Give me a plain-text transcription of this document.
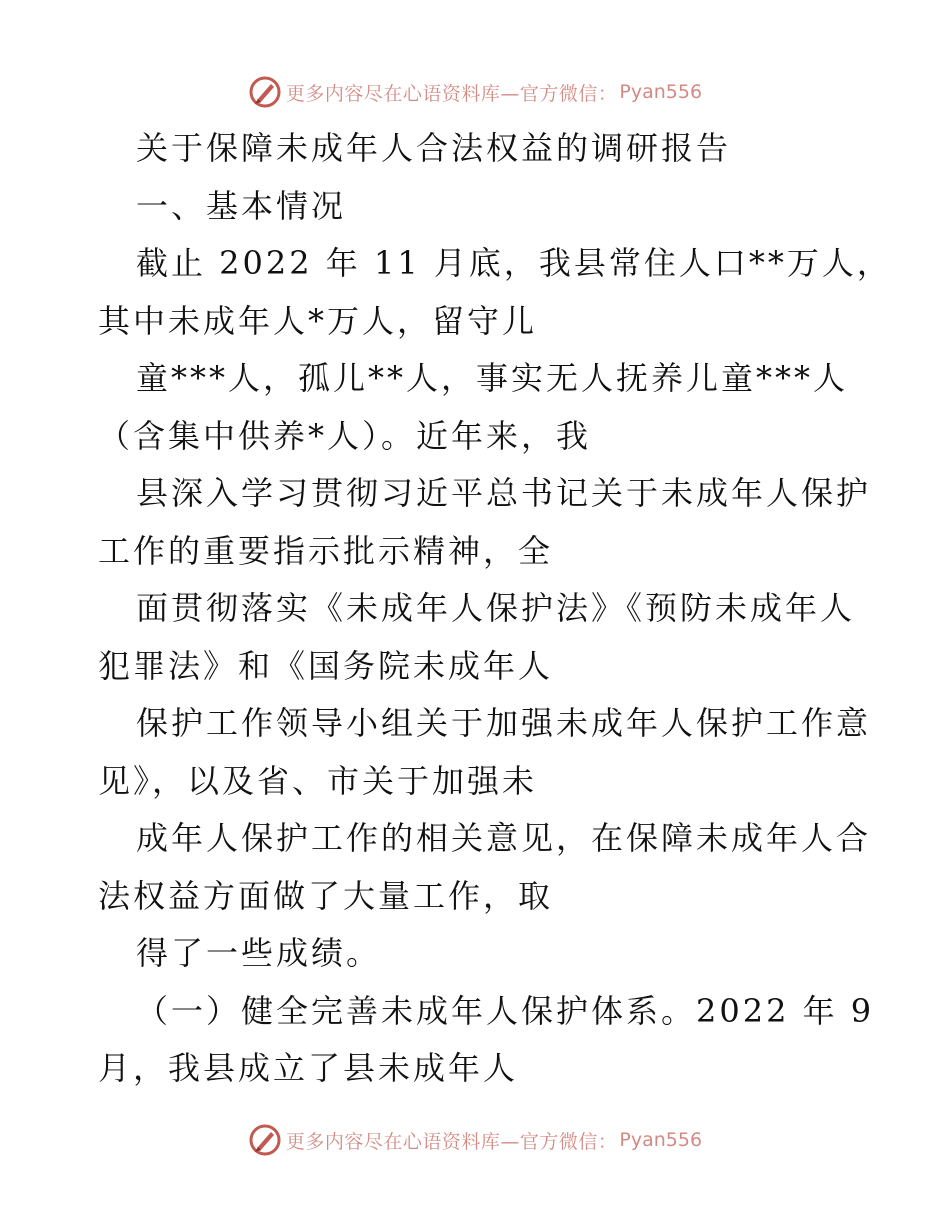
更多内容尽在心语资料库—官方微信： Pyan556
关于保障未成年人合法权益的调研报告
一、基本情况
截止 2022 年 11 月底，我县常住人口**万人，
其中未成年人*万人，留守儿
童***人，孤儿**人，事实无人抚养儿童***人
（含集中供养*人）。近年来，我
县深入学习贯彻习近平总书记关于未成年人保护
工作的重要指示批示精神，全
面贯彻落实《未成年人保护法》《预防未成年人
犯罪法》和《国务院未成年人
保护工作领导小组关于加强未成年人保护工作意
见》，以及省、市关于加强未
成年人保护工作的相关意见，在保障未成年人合
法权益方面做了大量工作，取
得了一些成绩。
（一）健全完善未成年人保护体系。2022 年 9
月，我县成立了县未成年人
更多内容尽在心语资料库—官方微信： Pyan556
